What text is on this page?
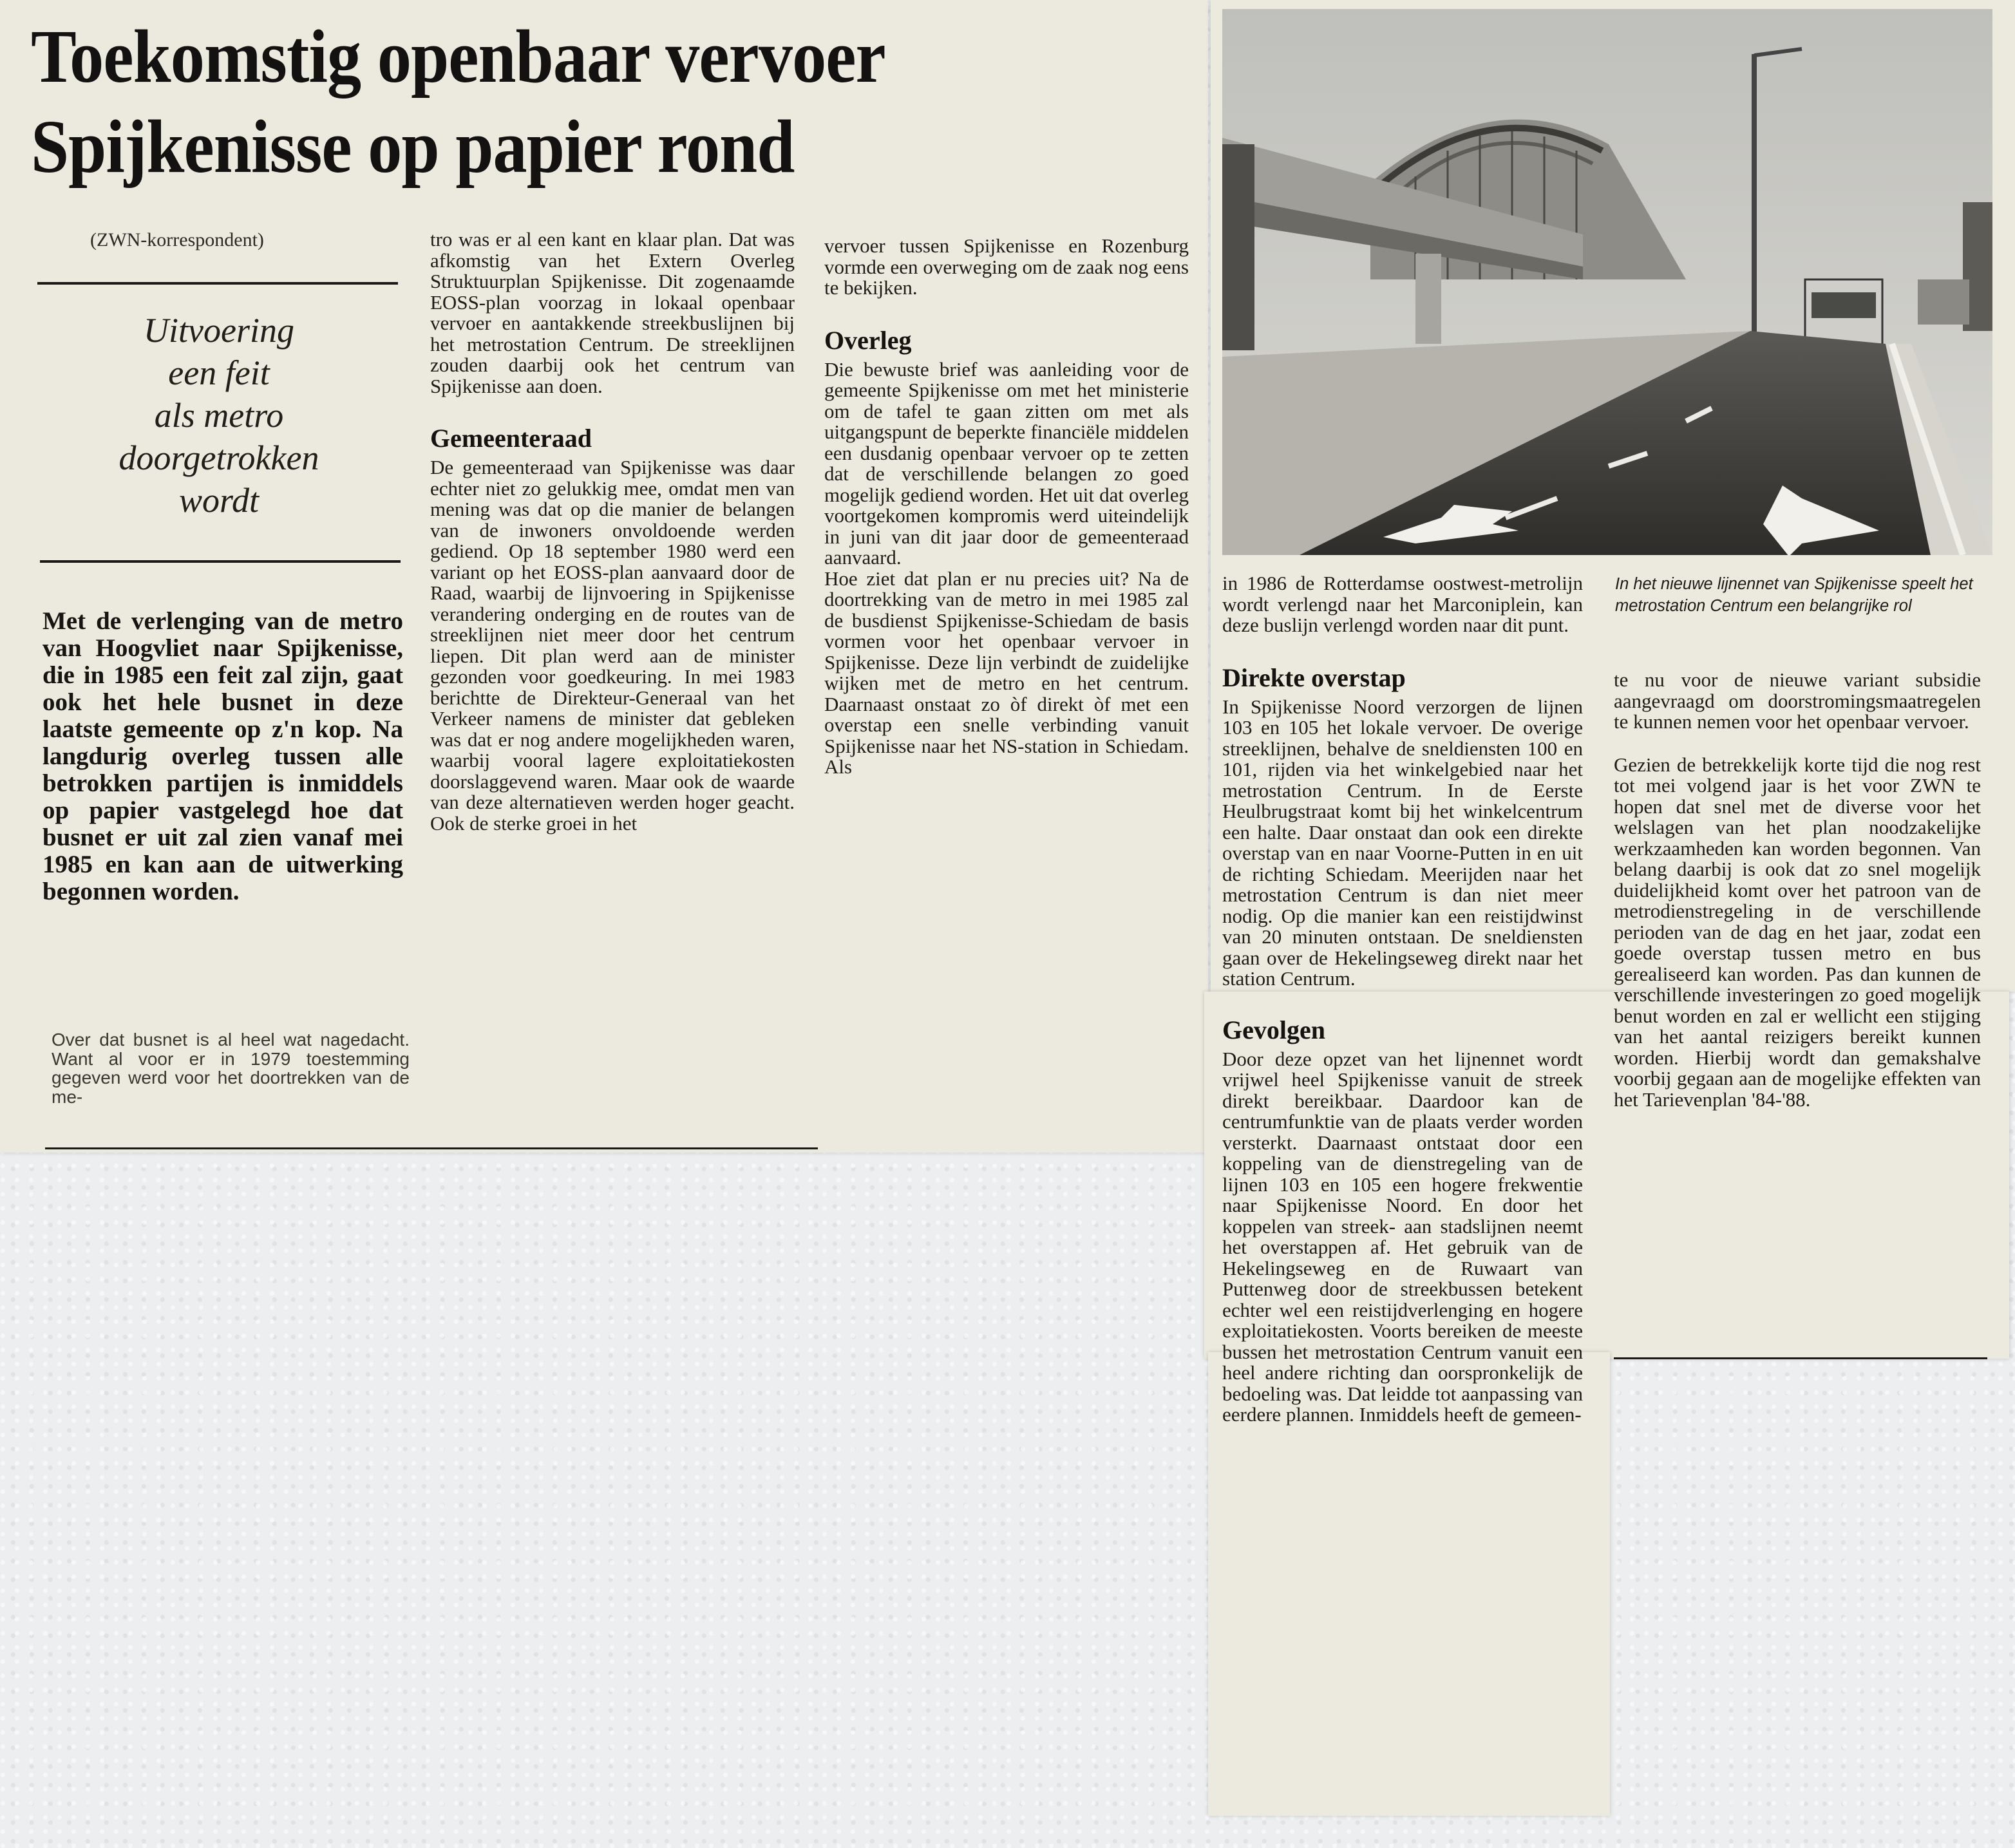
Toekomstig openbaar vervoer
Spijkenisse op papier rond
(ZWN-korrespondent)
Uitvoering
een feit
als metro
doorgetrokken
wordt
Met de verlenging van de metro van Hoogvliet naar Spijkenisse, die in 1985 een feit zal zijn, gaat ook het hele busnet in deze laatste gemeente op z'n kop. Na langdurig overleg tussen alle betrokken partijen is inmiddels op papier vastgelegd hoe dat busnet er uit zal zien vanaf mei 1985 en kan aan de uitwerking begonnen worden.
Over dat busnet is al heel wat nagedacht. Want al voor er in 1979 toestemming gegeven werd voor het doortrekken van de me-

tro was er al een kant en klaar plan. Dat was afkomstig van het Extern Overleg Struktuurplan Spijkenisse. Dit zogenaamde EOSS-plan voorzag in lokaal openbaar vervoer en aantakkende streekbuslijnen bij het metrostation Centrum. De streeklijnen zouden daarbij ook het centrum van Spijkenisse aan doen.

Gemeenteraad

De gemeenteraad van Spijkenisse was daar echter niet zo gelukkig mee, omdat men van mening was dat op die manier de belangen van de inwoners onvoldoende werden gediend. Op 18 september 1980 werd een variant op het EOSS-plan aanvaard door de Raad, waarbij de lijnvoering in Spijkenisse verandering onderging en de routes van de streeklijnen niet meer door het centrum liepen. Dit plan werd aan de minister gezonden voor goedkeuring. In mei 1983 berichtte de Direkteur-Generaal van het Verkeer namens de minister dat gebleken was dat er nog andere mogelijkheden waren, waarbij vooral lagere exploitatiekosten doorslaggevend waren. Maar ook de waarde van deze alternatieven werden hoger geacht. Ook de sterke groei in het

vervoer tussen Spijkenisse en Rozenburg vormde een overweging om de zaak nog eens te bekijken.

Overleg

Die bewuste brief was aanleiding voor de gemeente Spijkenisse om met het ministerie om de tafel te gaan zitten om met als uitgangspunt de beperkte financiële middelen een dusdanig openbaar vervoer op te zetten dat de verschillende belangen zo goed mogelijk gediend worden. Het uit dat overleg voortgekomen kompromis werd uiteindelijk in juni van dit jaar door de gemeenteraad aanvaard.

Hoe ziet dat plan er nu precies uit? Na de doortrekking van de metro in mei 1985 zal de busdienst Spijkenisse-Schiedam de basis vormen voor het openbaar vervoer in Spijkenisse. Deze lijn verbindt de zuidelijke wijken met de metro en het centrum. Daarnaast onstaat zo òf direkt òf met een overstap een snelle verbinding vanuit Spijkenisse naar het NS-station in Schiedam. Als

In het nieuwe lijnennet van Spijkenisse speelt het metrostation Centrum een belangrijke rol

in 1986 de Rotterdamse oostwest-metrolijn wordt verlengd naar het Marconiplein, kan deze buslijn verlengd worden naar dit punt.

Direkte overstap

In Spijkenisse Noord verzorgen de lijnen 103 en 105 het lokale vervoer. De overige streeklijnen, behalve de sneldiensten 100 en 101, rijden via het winkelgebied naar het metrostation Centrum. In de Eerste Heulbrugstraat komt bij het winkelcentrum een halte. Daar onstaat dan ook een direkte overstap van en naar Voorne-Putten in en uit de richting Schiedam. Meerijden naar het metrostation Centrum is dan niet meer nodig. Op die manier kan een reistijdwinst van 20 minuten ontstaan. De sneldiensten gaan over de Hekelingseweg direkt naar het station Centrum.

Gevolgen

Door deze opzet van het lijnennet wordt vrijwel heel Spijkenisse vanuit de streek direkt bereikbaar. Daardoor kan de centrumfunktie van de plaats verder worden versterkt. Daarnaast ontstaat door een koppeling van de dienstregeling van de lijnen 103 en 105 een hogere frekwentie naar Spijkenisse Noord. En door het koppelen van streek- aan stadslijnen neemt het overstappen af. Het gebruik van de Hekelingseweg en de Ruwaart van Puttenweg door de streekbussen betekent echter wel een reistijdverlenging en hogere exploitatiekosten. Voorts bereiken de meeste bussen het metrostation Centrum vanuit een heel andere richting dan oorspronkelijk de bedoeling was. Dat leidde tot aanpassing van eerdere plannen. Inmiddels heeft de gemeen-

te nu voor de nieuwe variant subsidie aangevraagd om doorstromingsmaatregelen te kunnen nemen voor het openbaar vervoer.

Gezien de betrekkelijk korte tijd die nog rest tot mei volgend jaar is het voor ZWN te hopen dat snel met de diverse voor het welslagen van het plan noodzakelijke werkzaamheden kan worden begonnen. Van belang daarbij is ook dat zo snel mogelijk duidelijkheid komt over het patroon van de metrodienstregeling in de verschillende perioden van de dag en het jaar, zodat een goede overstap tussen metro en bus gerealiseerd kan worden. Pas dan kunnen de verschillende investeringen zo goed mogelijk benut worden en zal er wellicht een stijging van het aantal reizigers bereikt kunnen worden. Hierbij wordt dan gemakshalve voorbij gegaan aan de mogelijke effekten van het Tarievenplan '84-'88.
